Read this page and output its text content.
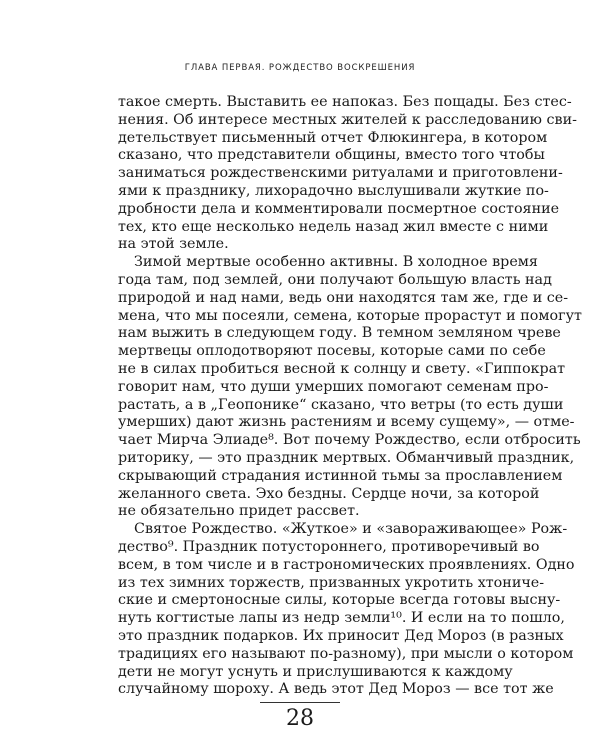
ГЛАВА ПЕРВАЯ. РОЖДЕСТВО ВОСКРЕШЕНИЯ
такое смерть. Выставить ее напоказ. Без пощады. Без стес-
нения. Об интересе местных жителей к расследованию сви-
детельствует письменный отчет Флюкингера, в котором
сказано, что представители общины, вместо того чтобы
заниматься рождественскими ритуалами и приготовлени-
ями к празднику, лихорадочно выслушивали жуткие по-
дробности дела и комментировали посмертное состояние
тех, кто еще несколько недель назад жил вместе с ними
на этой земле.
Зимой мертвые особенно активны. В холодное время
года там, под землей, они получают большую власть над
природой и над нами, ведь они находятся там же, где и се-
мена, что мы посеяли, семена, которые прорастут и помогут
нам выжить в следующем году. В темном земляном чреве
мертвецы оплодотворяют посевы, которые сами по себе
не в силах пробиться весной к солнцу и свету. «Гиппократ
говорит нам, что души умерших помогают семенам про-
растать, а в „Геопонике“ сказано, что ветры (то есть души
умерших) дают жизнь растениям и всему сущему», — отме-
чает Мирча Элиаде⁸. Вот почему Рождество, если отбросить
риторику, — это праздник мертвых. Обманчивый праздник,
скрывающий страдания истинной тьмы за прославлением
желанного света. Эхо бездны. Сердце ночи, за которой
не обязательно придет рассвет.
Святое Рождество. «Жуткое» и «завораживающее» Рож-
дество⁹. Праздник потустороннего, противоречивый во
всем, в том числе и в гастрономических проявлениях. Одно
из тех зимних торжеств, призванных укротить хтониче-
ские и смертоносные силы, которые всегда готовы высну-
нуть когтистые лапы из недр земли¹⁰. И если на то пошло,
это праздник подарков. Их приносит Дед Мороз (в разных
традициях его называют по-разному), при мысли о котором
дети не могут уснуть и прислушиваются к каждому
случайному шороху. А ведь этот Дед Мороз — все тот же
28
